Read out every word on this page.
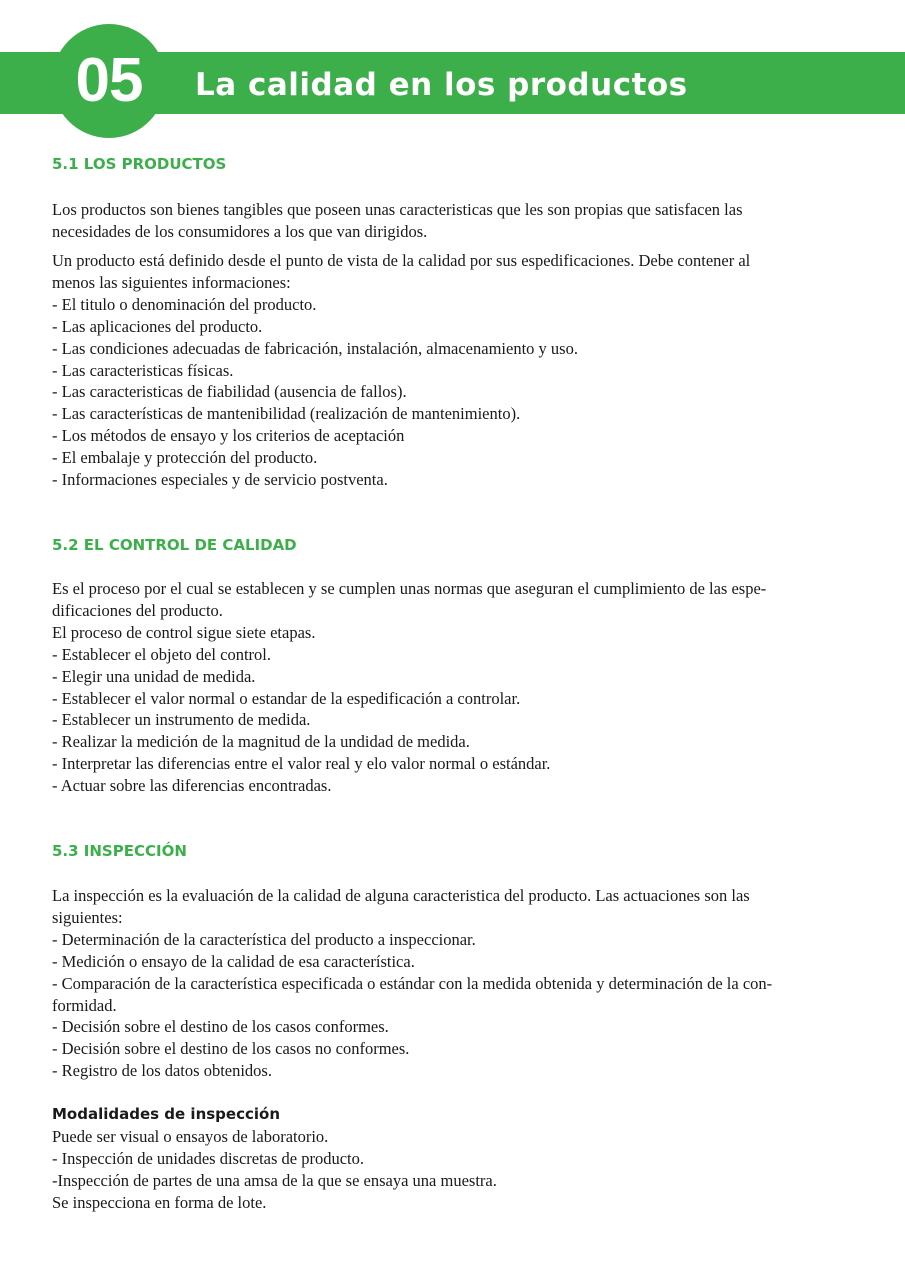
05	La calidad en los productos
5.1 LOS PRODUCTOS
Los productos son bienes tangibles que poseen unas caracteristicas que les son propias que satisfacen las
necesidades de los consumidores a los que van dirigidos.
Un producto está definido desde el punto de vista de la calidad por sus espedificaciones. Debe contener al
menos las siguientes informaciones:
- El titulo o denominación del producto.
- Las aplicaciones del producto.
- Las condiciones adecuadas de fabricación, instalación, almacenamiento y uso.
- Las caracteristicas físicas.
- Las caracteristicas de fiabilidad (ausencia de fallos).
- Las características de mantenibilidad (realización de mantenimiento).
- Los métodos de ensayo y los criterios de aceptación
- El embalaje y protección del producto.
- Informaciones especiales y de servicio postventa.
5.2 EL CONTROL DE CALIDAD
Es el proceso por el cual se establecen y se cumplen unas normas que aseguran el cumplimiento de las espe-
dificaciones del producto.
El proceso de control sigue siete etapas.
- Establecer el objeto del control.
- Elegir una unidad de medida.
- Establecer el valor normal o estandar de la espedificación a controlar.
- Establecer un instrumento de medida.
- Realizar la medición de la magnitud de la undidad de medida.
- Interpretar las diferencias entre el valor real y elo valor normal o estándar.
- Actuar sobre las diferencias encontradas.
5.3 INSPECCIÓN
La inspección es la evaluación de la calidad de alguna caracteristica del producto. Las actuaciones son las
siguientes:
- Determinación de la característica del producto a inspeccionar.
- Medición o ensayo de la calidad de esa característica.
- Comparación de la característica especificada o estándar con la medida obtenida y determinación de la con-
formidad.
- Decisión sobre el destino de los casos conformes.
- Decisión sobre el destino de los casos no conformes.
- Registro de los datos obtenidos.
Modalidades de inspección
Puede ser visual o ensayos de laboratorio.
- Inspección de unidades discretas de producto.
-Inspección de partes de una amsa de la que se ensaya una muestra.
Se inspecciona en forma de lote.
